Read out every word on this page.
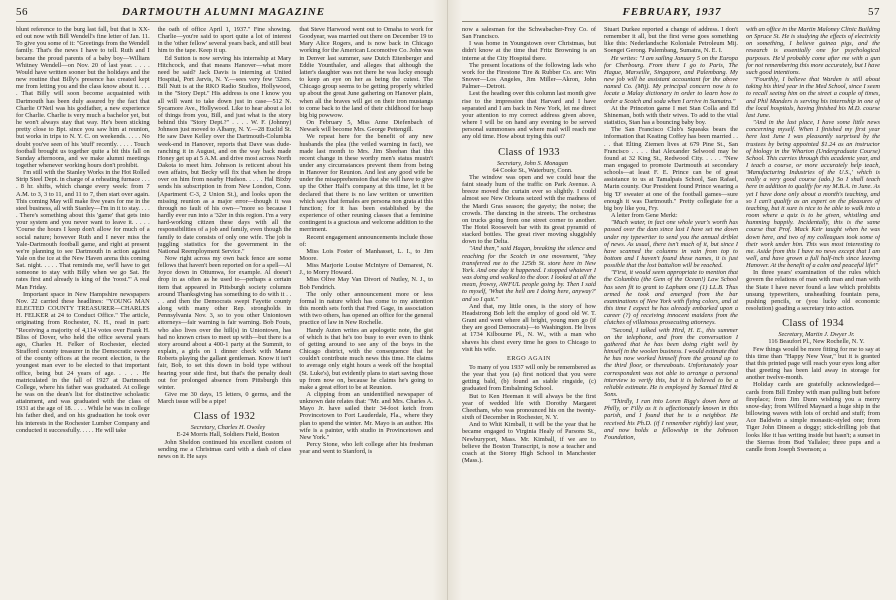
56	DARTMOUTH ALUMNI MAGAZINE

blunt reference to the burg last fall, but that is XX-ed out now with Bill Wendell's fine letter of Jan. 11. To give you some of it: "Greetings from the Wendell family. That's the news I have to tell. Ruth and I became the proud parents of a baby boy—William Whitney Wendell—on Nov. 20 of last year. . . . . Would have written sooner but the holidays and the new routine that Billy's presence has created kept me from letting you and the class know about it. . . . . That Billy will soon become acquainted with Dartmouth has been duly assured by the fact that Charlie O'Neil was his godfather, a new experience for Charlie. Charlie is very much a bachelor yet, but he won't always stay that way. He's been sticking pretty close to Bpt. since you saw him at reunion, but works in trips to N. Y. C. on weekends. . . . . No doubt you've seen of his 'stuff' recently. . . . . Touch football brought us together quite a bit this fall on Sunday afternoons, and we make alumni meetings together whenever working hours don't prohibit.

I'm still with the Stanley Works in the Hot Rolled Strip Steel Dept. in charge of a reheating furnace . . . . 8 hr. shifts, which change every week: from 7 A.M. to 3, 3 to 11, and 11 to 7, then start over again. This coming May will make five years for me in the steel business, all with Stanley—I'm in it to stay. . . . . There's something about this 'game' that gets into your system and you never want to leave it. . . . . 'Course the hours I keep don't allow for much of a social nature; however Ruth and I never miss the Yale-Dartmouth football game, and right at present we're planning to see Dartmouth in action against Yale on the ice at the New Haven arena this coming Sat. night. . . . . That reminds me, we'll have to get someone to stay with Billy when we go Sat. He rates first and already is king of the 'roost.'" A real Man Friday.

Important space in New Hampshire newspapers Nov. 22 carried these headlines: "YOUNG MAN ELECTED COUNTY TREASURER—CHARLES H. FELKER at 24 to Conduct Office." The article, originating from Rochester, N. H., read in part: "Receiving a majority of 4,114 votes over Frank H. Bliss of Dover, who held the office several years ago, Charles H. Felker of Rochester, elected Strafford county treasurer in the Democratic sweep of the county offices at the recent election, is the youngest man ever to be elected to that important office, being but 24 years of age. . . . . He matriculated in the fall of 1927 at Dartmouth College, where his father was graduated. At college he was on the dean's list for distinctive scholastic attainment, and was graduated with the class of 1931 at the age of 18. . . . . While he was in college his father died, and on his graduation he took over his interests in the Rochester Lumber Company and conducted it successfully. . . . . He will take

the oath of office April 1, 1937." Fine showing. Charlie—you're said to sport quite a lot of interest in the 'other fellow' several years back, and still beat him to the tape. Keep it up.

Ed Sutton is now serving his internship at Mary Hitchcock, and that means Hanover—what more need be said? Jack Davis is interning at United Hospital, Port Jarvis, N. Y.—sees very few '32ers. Bill Nutt is at the RKO Radio Studios, Hollywood, in the "Story Dept." His address is one I know you all will want to take down just in case—512 N. Sycamore Ave., Hollywood. Like to hear about a lot of things from you, Bill, and just what is the story behind this "Story Dept.?" . . . . W. F. (Johnny) Johnson just moved to Albany, N. Y.—28 Euclid St. He saw Dave Kelley over the Dartmouth-Columbia week-end in Hanover, reports that Dave was dude-ranching it in August, and on the way back made Honey get up at 5 A.M. and drive most across North Dakota to meet him. Johnson is reticent about his own affairs, but Becky will fix that when he drops over on him from nearby Hudson. . . . . Hal Bixby sends his subscription in from New London, Conn. (Apartment C-3, 2 Union St.), and looks upon the missing reunion as a major error—though it was through no fault of his own—"more so because I hardly ever run into a '32er in this region. I'm a very hard-working citizen these days with all the responsibilities of a job and family, even though the family to date consists of only one wife. The job is juggling statistics for the government in the National Reemployment Service."

Now right across my own back fence are some fellows that haven't been reported on for a spell—Al Joyce down in Ottumwa, for example. Al doesn't drop in as often as he used to—perhaps a certain item that appeared in Pittsburgh society columns around Thanksgiving has something to do with it . . . . and then the Democrats swept Fayette county along with many other Rep. strongholds in Pennsylvania Nov. 3, so to you other Uniontown attorneys—fair warning is fair warning. Bob Fouts, who also lives over the hill(s) in Uniontown, has had no known crises to meet up with—but there is a story around about a 400-1 party at the Summit, to explain, a girls on 1 dinner check with Mame Roberts playing the gallant gentleman. Know it isn't fair, Bob, to set this down in bold type without hearing your side first, but that's the penalty dealt out for prolonged absence from Pittsburgh this winter.

Give me 30 days, 15 letters, 0 germs, and the March issue will be a pipe!

Class of 1932

Secretary, Charles H. Owsley

E-24 Morris Hall, Soldiers Field, Boston

John Sheldon continued his excellent custom of sending me a Christmas card with a dash of class news on it. He says

that Steve Harwood went out to Omaha to work for Goodyear, was married out there on December 19 to Mary Alice Rogers, and is now back in Chicago working for the American Locomotive Co. John was in Denver last summer, saw Dutch Eitenberger and Eddie Younthaler, and alleges that although the latter's daughter was not there he was lucky enough to keep an eye on her as being the cutest. The Chicago group seems to be getting properly whirled up about the great June gathering on Hanover plain, when all the braves will get on their iron mustangs to come back to the land of their childhood for heap big big powwow.

On February 5, Miss Anne Diefenbach of Newark will become Mrs. George Pettengill.

We repeat here for the benefit of any new husbands the plea (the veiled warning in fact), we made last month to Mrs. Jim Sheehan that this recent change in these worthy men's status mustn't under any circumstances prevent them from being in Hanover for Reunion. And lest any good wife be under the misapprehension that she will have to give up the Other Half's company at this time, let it be declared that there is no law written or unwritten which says that females are persona non grata at this function; for it has been established by the experience of other reuning classes that a feminine contingent is a gracious and welcome addition to the merriment.

Recent engagement announcements include those of:

Miss Lois Foster of Manhasset, L. I., to Jim Moore.

Miss Marjorie Louise McIntyre of Demarest, N. J., to Morry Howard.

Miss Olive May Van Divort of Nutley, N. J., to Bob Fendrich.

The only other announcement more or less formal in nature which has come to my attention this month sets forth that Fred Gage, in association with two others, has opened an office for the general practice of law in New Rochelle.

Handy Auten writes an apologetic note, the gist of which is that he's too busy to ever even to think of getting around to see any of the boys in the Chicago district, with the consequence that he couldn't contribute much news this time. He claims to average only eight hours a week off the hospital (St. Luke's), but evidently plans to start saving those up from now on, because he claims he's going to make a great effort to be at Reunion.

A clipping from an unidentified newspaper of unknown date relates that: "Mr. and Mrs. Charles A. Mayo Jr. have sailed their 34-foot ketch from Provincetown to Fort Lauderdale, Fla., where they plan to spend the winter. Mr. Mayo is an author. His wife is a painter, with studio in Provincetown and New York."

Percy Stone, who left college after his freshman year and went to Stanford, is

FEBRUARY, 1937	57

now a salesman for the Schwabacher-Frey Co. of San Francisco.

I was home in Youngstown over Christmas, but didn't know at the time that Fritz Browning is an interne at the City Hospital there.

The present locations of the following lads who work for the Firestone Tire & Rubber Co. are: Win Snover—Los Angeles, Jim Miller—Akron, John Palmer—Detroit.

Lest the heading over this column last month give rise to the impression that Harvard and I have separated and I am back in New York, let me direct your attention to my correct address given above, where I will be on hand any evening to be served personal summonses and where mail will reach me any old time. How about trying this out?

Class of 1933

Secretary, John S. Monagan

64 Cooke St., Waterbury, Conn.

The window was open and we could hear the faint steady hum of the traffic on Park Avenue. A breeze moved the curtain ever so slightly. I could almost see New Orleans seized with the madness of the Mardi Gras season; the gayety; the noise; the crowds. The dancing in the streets. The orchestras on trucks going from one street corner to another. The Hotel Roosevelt bar with its great pyramid of stacked bottles. The great river moving sluggishly down to the Delta.

"And then," said Hagan, breaking the silence and reaching for the Scotch in one movement, "they transferred me to the 125th St. store here in New York. And one day it happened. I stopped whatever I was doing and walked to the door. I looked at all the mean, frowsy, AWFUL people going by. Then I said to myself, 'What the hell am I doing here, anyway?' and so I quit."

And that, my little ones, is the story of how Headstrong Bob left the employ of good old W. T. Grant and went where all bright, young men go (if they are good Democrats)—to Washington. He lives at 1734 Kilbourne Pl., N. W., with a man who shaves his chest every time he goes to Chicago to visit his wife.

ERGO AGAIN

To many of you 1937 will only be remembered as the year that you (a) first noticed that you were getting bald, (b) found an stable ringside, (c) graduated from Embalming School.

But to Ken Heeman it will always be the first year of wedded life with Dorothy Margaret Cheetham, who was pronounced his on the twenty-sixth of December in Rochester, N. Y.

And to Whit Kimball, it will be the year that he became engaged to Virginia Healy of Parsons St., Newburyport, Mass. Mr. Kimball, if we are to believe the Boston Transcript, is now a teacher and coach at the Storey High School in Manchester (Mass.).

Stuart Durkee reported a change of address. I don't remember it all, but the first verse goes something like this: Nederlandsche Koloniale Petroleum Mij. Soengei Gerong. Palembang, Sumatra, N. E. I.

He writes: "I am sailing January 5 on the Europa for Cherbourg. From there I go to Paris, The Hague, Marseille, Singapore, and Palembang. My new job will be assistant accountant for the above named Co. (Mij). My principal concern now is to locate a Malay dictionary in order to learn how to order a Scotch and soda when I arrive in Sumatra."

At the Princeton game I met Stan Colla and Ed Shineman, both with their wives. To add to the vital statistics, Stan has a bouncing baby boy.

The San Francisco Club's Squeaks bears the information that Keating Coffey has been married . . . . that Elting Ziemen lives at 679 Pine St., San Francisco . . . . that Alexander Selwood may be found at 32 King St., Redwood City. . . . . "New man engaged to promote Dartmouth at secondary schools—at least F. E. Prince can be of great assistance to us at Tamalpais School, San Rafael, Marin county. Our President found Prince wearing a big 'D' sweater at one of the football games—sure enough it was Dartmouth." Pretty collegiate for a big boy like you, Fry.

A letter from Gene Merkt:

"Much water, in fact one whole year's worth has passed over the dam since last I have set me down under my typewriter to send you the annual driblet of news. As usual, there isn't much of it, but since I have scanned the columns in vain from top to bottom and I haven't found these names, it is just possible that the lost battalion will be reached.

"First, it would seem appropriate to mention that the Columbia (the Gem of the Ocean!) Law School has seen fit to grant to Lapham one (1) LL.B. Thus armed he took and emerged from the bar examinations of New York with flying colors, and at this time I expect he has already embarked upon a career (?) of receiving innocent maidens from the clutches of villainous prosecuting attorneys.

"Second, I talked with Hird, H. E., this summer on the telephone, and from the conversation I gathered that he has been doing right well by himself in the woolen business. I would estimate that he has now worked himself from the ground up to the third floor, or thereabouts. Unfortunately your correspondent was not able to arrange a personal interview to verify this, but it is believed to be a reliable estimate. He is employed by Samuel Hird & Sons.

"Thirdly, I ran into Loren Rigg's down here at Philly, or Filly as it is affectionately known in this parish, and I found that he is a neighbor. He received his Ph.D. (if I remember rightly) last year, and now holds a fellowship in the Johnson Foundation,

with an office in the Martin Maloney Clinic Building on Spruce St. He is studying the effects of electricity on something, I believe guinea pigs, and the research is essentially one for psychological purposes. He'd probably come after me with a gun for not remembering this more accurately, but I have such good intentions.

"Fourthly, I believe that Warden is still about taking his third year in the Med School, since I seem to recall seeing him on the street a couple of times, and Phil Manders is serving his internship in one of the local hospitals, having finished his M.D. course last June.

"And in the last place, I have some little news concerning myself. When I finished my first year here last June I was pleasantly surprised by the trustees by being appointed $1.24 as an instructor of biology in the Wharton (Undergraduate Course) School. This carries through this academic year, and I teach a course, or more accurately help teach, 'Manufacturing Industries of the U.S.,' which is really a very good course (ado.) So I shall teach here in addition to qualify for my M.B.A. in June. As yet I have done only about a month's teaching, and so I can't qualify as an expert on the pleasures of teaching, but it sure is nice to be able to walk into a room where a quiz is to be given, whistling and humming happily. Incidentally, this is the same course that Prof. Mack Keir taught when he was down here, and two of my colleagues took some of their work under him. This was most interesting to me. Aside from this I have no news except that I am well, and have grown a full half-inch since leaving Hanover. At the benefit of a calm and peaceful life!"

In three years' examination of the rules which govern the relations of man with man and man with the State I have never found a law which prohibits unsung typewriters, unsheathing fountain pens, pushing pencils, or (you lucky old economic resolution) goading a secretary into action.

Class of 1934

Secretary, Martin J. Dwyer Jr.

116 Beaufort Pl., New Rochelle, N. Y.

Few things would be more fitting for me to say at this time than "Happy New Year," but it is granted that this printed page will reach your eyes long after that greeting has been laid away in storage for another twelve-month.

Holiday cards are gratefully acknowledged—cards from Bill Embry with man pulling butt before fireplace; from Jim Dunn wishing you a merry snow-day; from Wilfred Maynard a huge ship in the billowing waves with lots of orchid and stuff; from Ace Baldwin a simple monastic-styled one; from Tiger John Dineen a doggy; stick-drilling job that looks like it has writing inside but hasn't; a sunset in the Sierras from Bud Yallalee; three pups and a candle from Joseph Swenson; a
